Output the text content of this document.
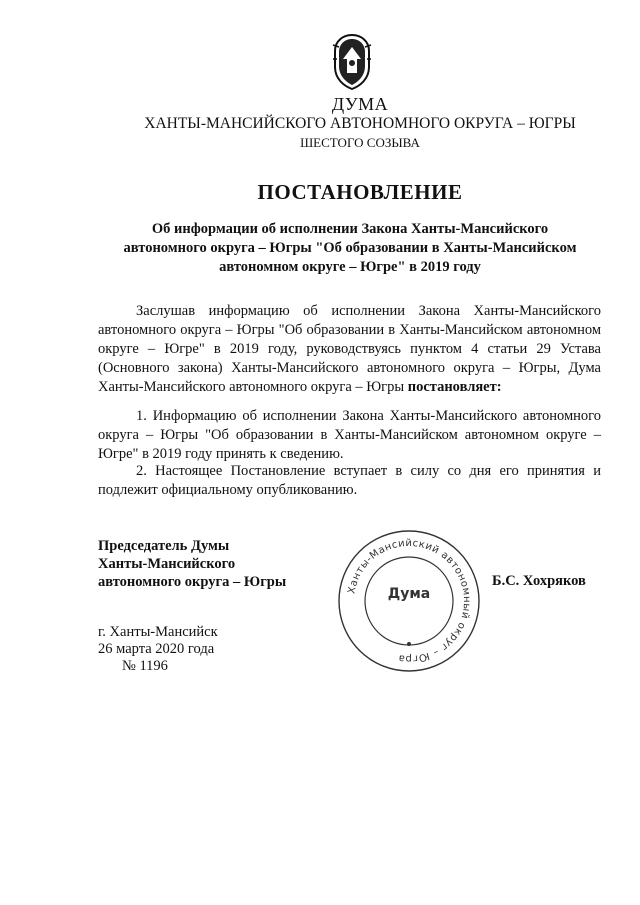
ДУМА
ХАНТЫ-МАНСИЙСКОГО АВТОНОМНОГО ОКРУГА – ЮГРЫ
ШЕСТОГО СОЗЫВА
ПОСТАНОВЛЕНИЕ
Об информации об исполнении Закона Ханты-Мансийского автономного округа – Югры "Об образовании в Ханты-Мансийском автономном округе – Югре" в 2019 году
Заслушав информацию об исполнении Закона Ханты-Мансийского автономного округа – Югры "Об образовании в Ханты-Мансийском автономном округе – Югре" в 2019 году, руководствуясь пунктом 4 статьи 29 Устава (Основного закона) Ханты-Мансийского автономного округа – Югры, Дума Ханты-Мансийского автономного округа – Югры постановляет:
1. Информацию об исполнении Закона Ханты-Мансийского автономного округа – Югры "Об образовании в Ханты-Мансийском автономном округе – Югре" в 2019 году принять к сведению.
2. Настоящее Постановление вступает в силу со дня его принятия и подлежит официальному опубликованию.
Председатель Думы
Ханты-Мансийского
автономного округа – Югры
Ханты-Мансийский автономный округ – Югра
Дума
Б.С. Хохряков
г. Ханты-Мансийск
26 марта 2020 года
№ 1196
